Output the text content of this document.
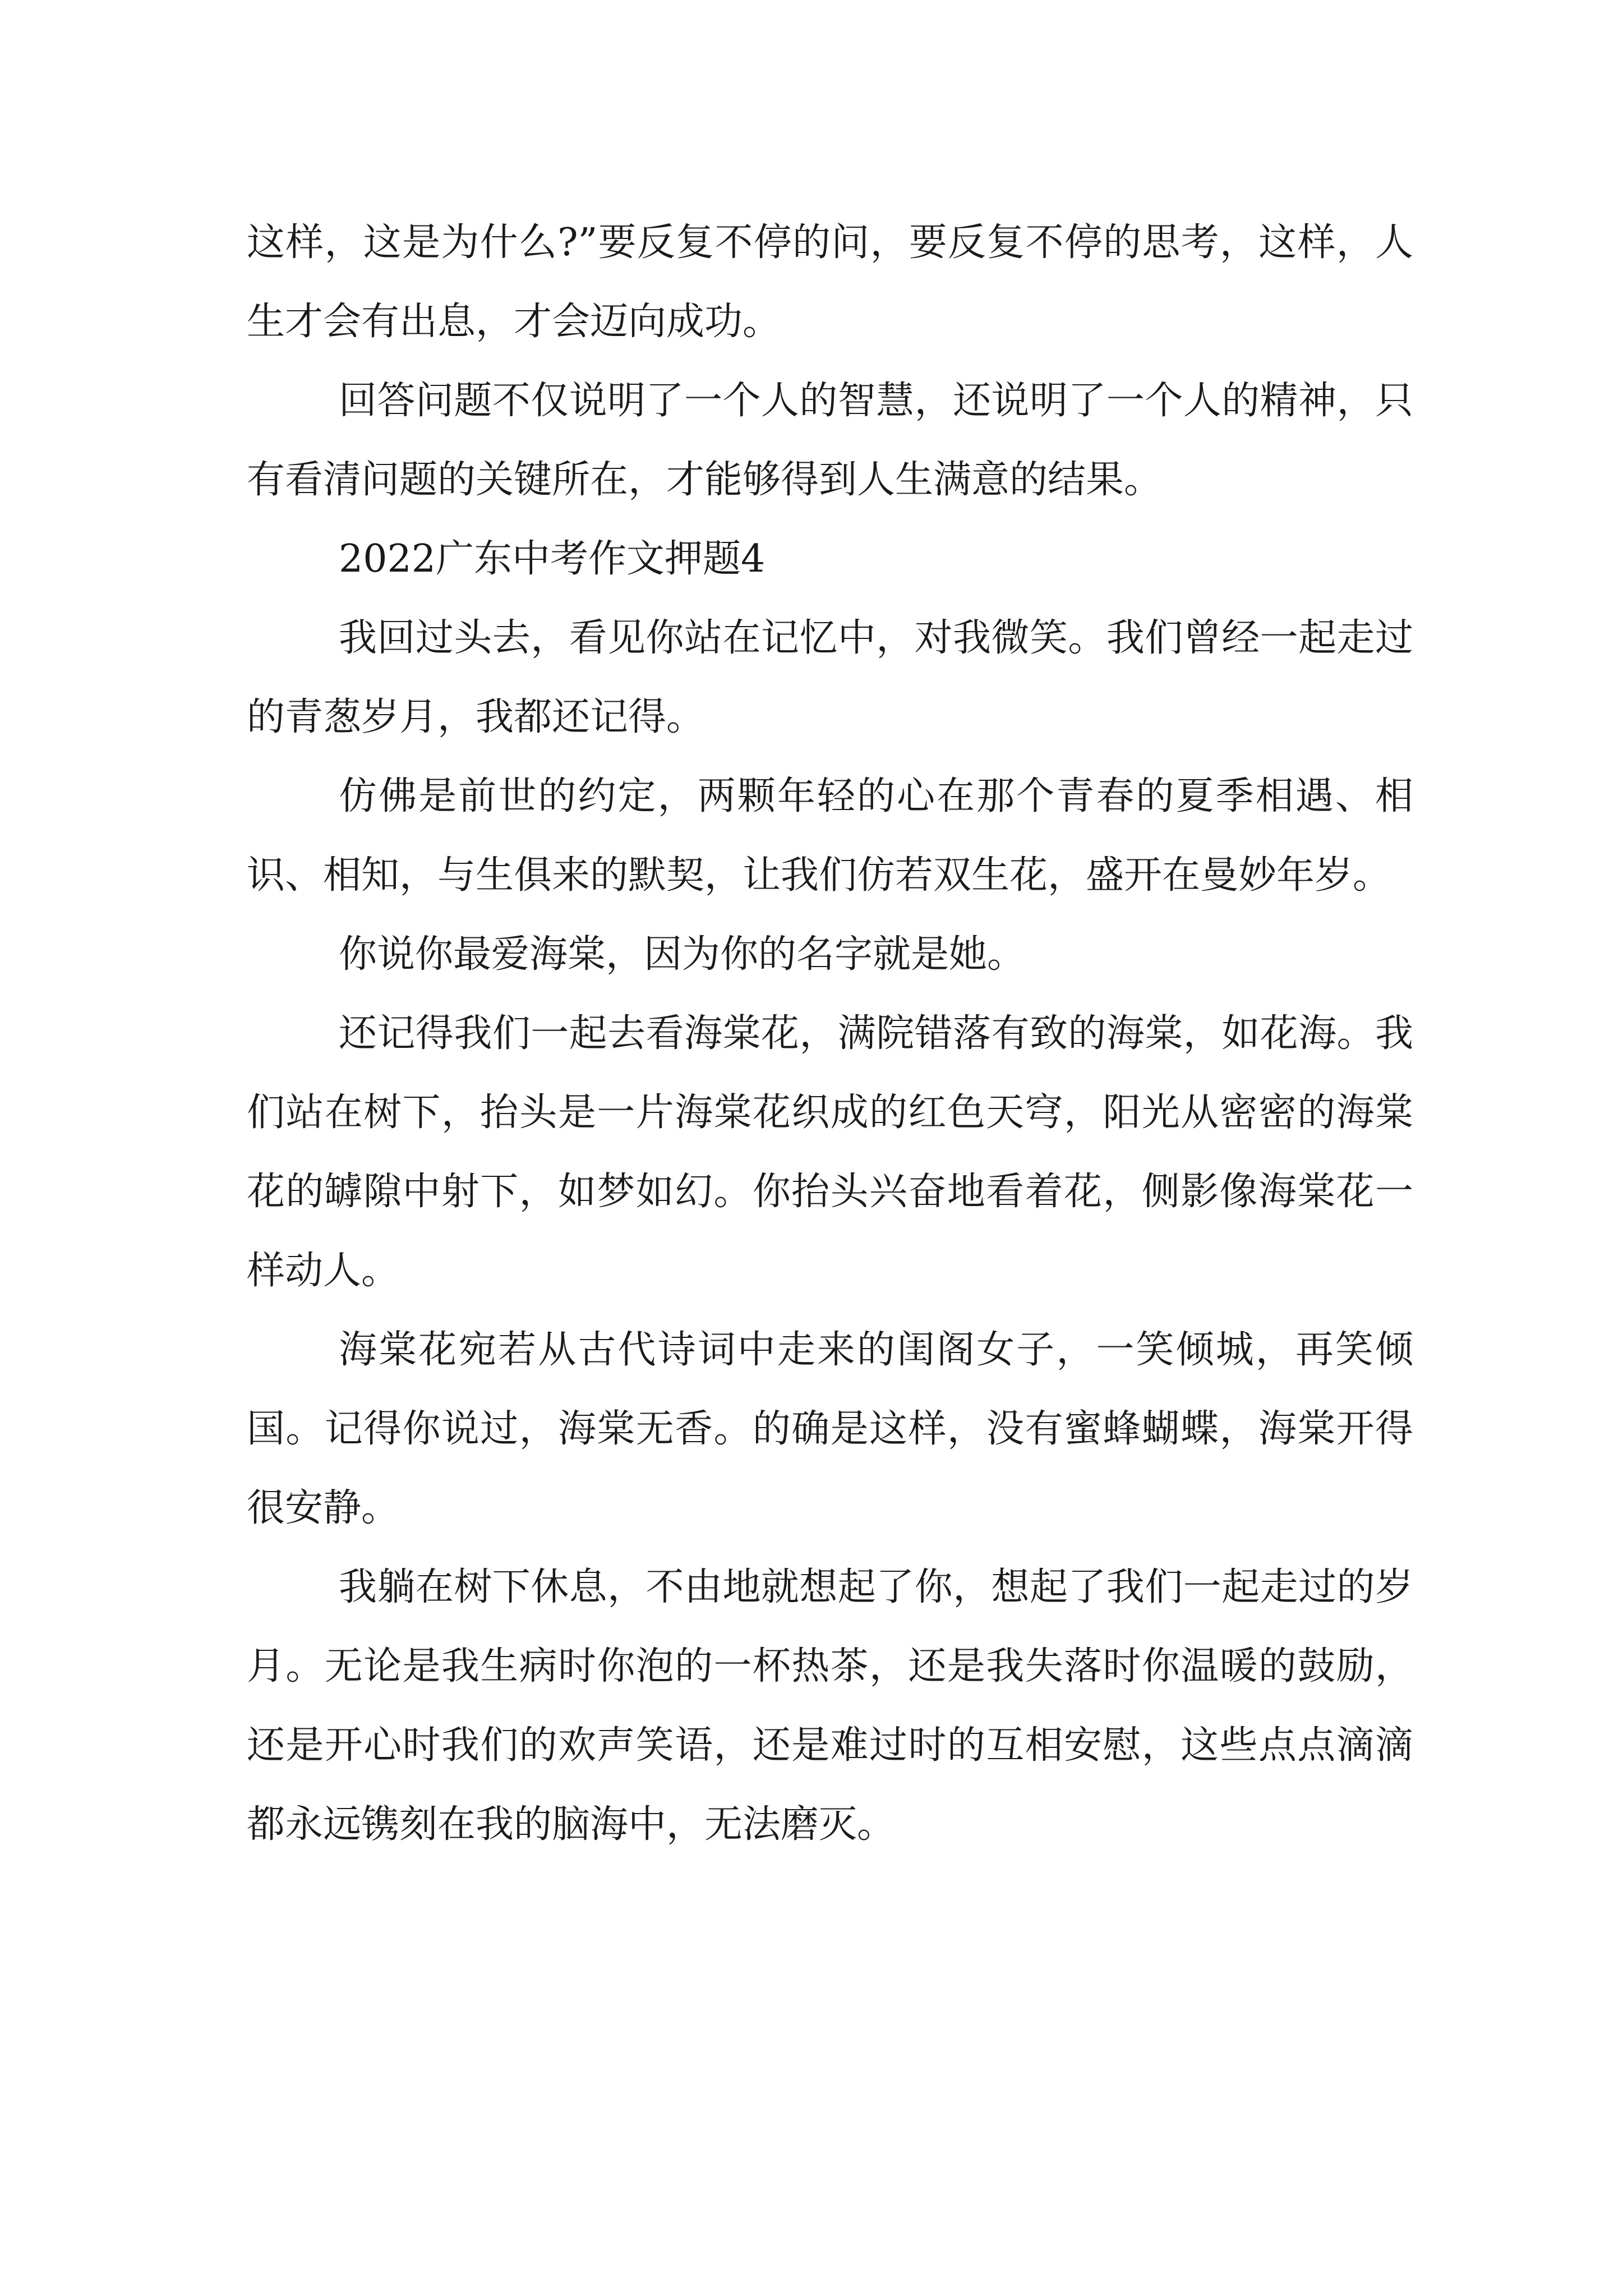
这样，这是为什么?”要反复不停的问，要反复不停的思考，这样，人生才会有出息，才会迈向成功。

回答问题不仅说明了一个人的智慧，还说明了一个人的精神，只有看清问题的关键所在，才能够得到人生满意的结果。

2022广东中考作文押题4

我回过头去，看见你站在记忆中，对我微笑。我们曾经一起走过的青葱岁月，我都还记得。

仿佛是前世的约定，两颗年轻的心在那个青春的夏季相遇、相识、相知，与生俱来的默契，让我们仿若双生花，盛开在曼妙年岁。

你说你最爱海棠，因为你的名字就是她。

还记得我们一起去看海棠花，满院错落有致的海棠，如花海。我们站在树下，抬头是一片海棠花织成的红色天穹，阳光从密密的海棠花的罅隙中射下，如梦如幻。你抬头兴奋地看着花，侧影像海棠花一样动人。

海棠花宛若从古代诗词中走来的闺阁女子，一笑倾城，再笑倾国。记得你说过，海棠无香。的确是这样，没有蜜蜂蝴蝶，海棠开得很安静。

我躺在树下休息，不由地就想起了你，想起了我们一起走过的岁月。无论是我生病时你泡的一杯热茶，还是我失落时你温暖的鼓励，还是开心时我们的欢声笑语，还是难过时的互相安慰，这些点点滴滴都永远镌刻在我的脑海中，无法磨灭。
